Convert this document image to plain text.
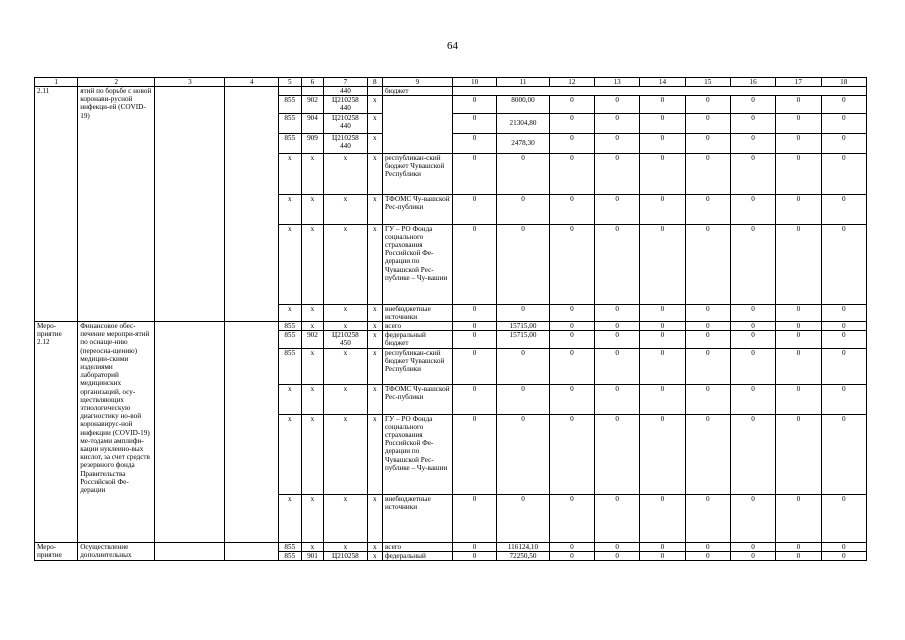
64
1	2	3	4	5	6	7	8	9	10	11	12	13	14	15	16	17	18
2.11	ятий по борьбе с новой коронави-русной инфекци-ей (COVID-19)					440		бюджет									
				855	902	Ц210258 440	х		0	8000,00	0	0	0	0	0	0	0
				855	904	Ц210258 440	х		0	21304,80	0	0	0	0	0	0	0
				855	909	Ц210258 440	х		0	2478,30	0	0	0	0	0	0	0
				х	х	х	х	республикан-ский бюджет Чувашской Республики	0	0	0	0	0	0	0	0	0
				х	х	х	х	ТФОМС Чу-вашской Рес-публики	0	0	0	0	0	0	0	0	0
				х	х	х	х	ГУ – РО Фонда социального страхования Российской Фе-дерации по Чувашской Рес-публике – Чу-вашии	0	0	0	0	0	0	0	0	0
				х	х	х	х	внебюджетные источники	0	0	0	0	0	0	0	0	0
Меро-приятие 2.12	Финансовое обес-печение меропри-ятий по оснаще-нию (переосна-щению) медицин-скими изделиями лабораторий медицинских организаций, осу-ществляющих этиологическую диагностику но-вой коронавирус-ной инфекции (COVID-19) ме-тодами амплифи-кации нуклеино-вых кислот, за счет средств резервного фонда Правительства Российской Фе-дерации			855	х	х	х	всего	0	15715,00	0	0	0	0	0	0	0
				855	902	Ц210258 450	х	федеральный бюджет	0	15715,00	0	0	0	0	0	0	0
				855	х	х	х	республикан-ский бюджет Чувашской Республики	0	0	0	0	0	0	0	0	0
				х	х	х	х	ТФОМС Чу-вашской Рес-публики	0	0	0	0	0	0	0	0	0
				х	х	х	х	ГУ – РО Фонда социального страхования Российской Фе-дерации по Чувашской Рес-публике – Чу-вашии	0	0	0	0	0	0	0	0	0
				х	х	х	х	внебюджетные источники	0	0	0	0	0	0	0	0	0
Меро-приятие	Осуществление дополнительных			855	х	х	х	всего	0	116124,10	0	0	0	0	0	0	0
				855	901	Ц210258	х	федеральный	0	72250,50	0	0	0	0	0	0	0
